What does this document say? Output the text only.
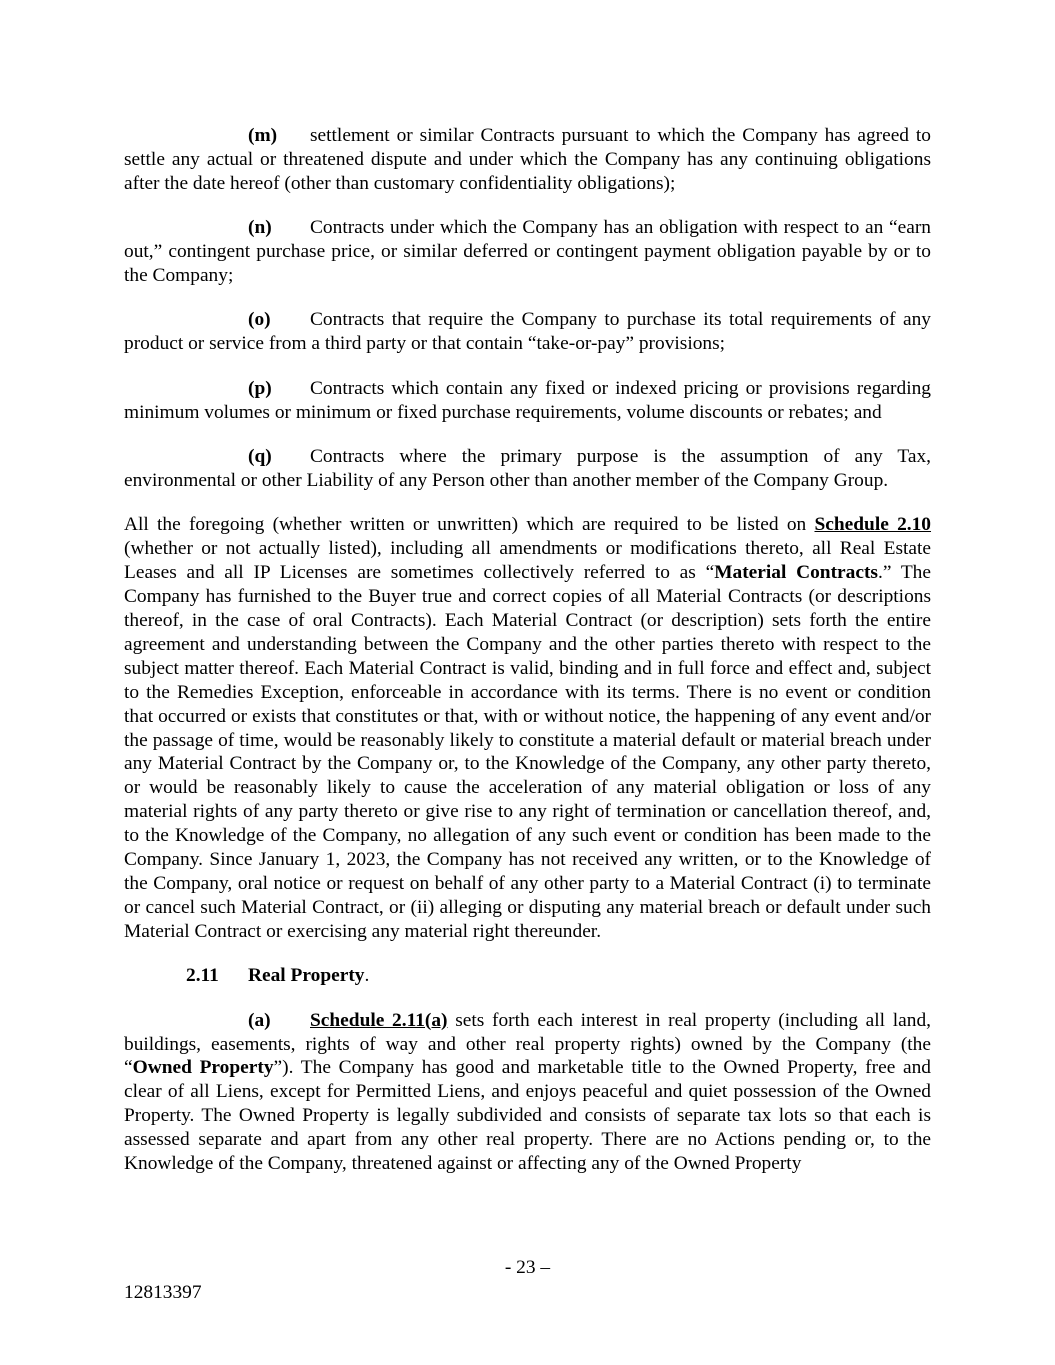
(m) settlement or similar Contracts pursuant to which the Company has agreed to settle any actual or threatened dispute and under which the Company has any continuing obligations after the date hereof (other than customary confidentiality obligations);

(n) Contracts under which the Company has an obligation with respect to an “earn out,” contingent purchase price, or similar deferred or contingent payment obligation payable by or to the Company;

(o) Contracts that require the Company to purchase its total requirements of any product or service from a third party or that contain “take-or-pay” provisions;

(p) Contracts which contain any fixed or indexed pricing or provisions regarding minimum volumes or minimum or fixed purchase requirements, volume discounts or rebates; and

(q) Contracts where the primary purpose is the assumption of any Tax, environmental or other Liability of any Person other than another member of the Company Group.

All the foregoing (whether written or unwritten) which are required to be listed on Schedule 2.10 (whether or not actually listed), including all amendments or modifications thereto, all Real Estate Leases and all IP Licenses are sometimes collectively referred to as “Material Contracts.” The Company has furnished to the Buyer true and correct copies of all Material Contracts (or descriptions thereof, in the case of oral Contracts). Each Material Contract (or description) sets forth the entire agreement and understanding between the Company and the other parties thereto with respect to the subject matter thereof. Each Material Contract is valid, binding and in full force and effect and, subject to the Remedies Exception, enforceable in accordance with its terms. There is no event or condition that occurred or exists that constitutes or that, with or without notice, the happening of any event and/or the passage of time, would be reasonably likely to constitute a material default or material breach under any Material Contract by the Company or, to the Knowledge of the Company, any other party thereto, or would be reasonably likely to cause the acceleration of any material obligation or loss of any material rights of any party thereto or give rise to any right of termination or cancellation thereof, and, to the Knowledge of the Company, no allegation of any such event or condition has been made to the Company. Since January 1, 2023, the Company has not received any written, or to the Knowledge of the Company, oral notice or request on behalf of any other party to a Material Contract (i) to terminate or cancel such Material Contract, or (ii) alleging or disputing any material breach or default under such Material Contract or exercising any material right thereunder.

2.11 Real Property.

(a) Schedule 2.11(a) sets forth each interest in real property (including all land, buildings, easements, rights of way and other real property rights) owned by the Company (the “Owned Property”). The Company has good and marketable title to the Owned Property, free and clear of all Liens, except for Permitted Liens, and enjoys peaceful and quiet possession of the Owned Property. The Owned Property is legally subdivided and consists of separate tax lots so that each is assessed separate and apart from any other real property. There are no Actions pending or, to the Knowledge of the Company, threatened against or affecting any of the Owned Property

- 23 –
12813397
